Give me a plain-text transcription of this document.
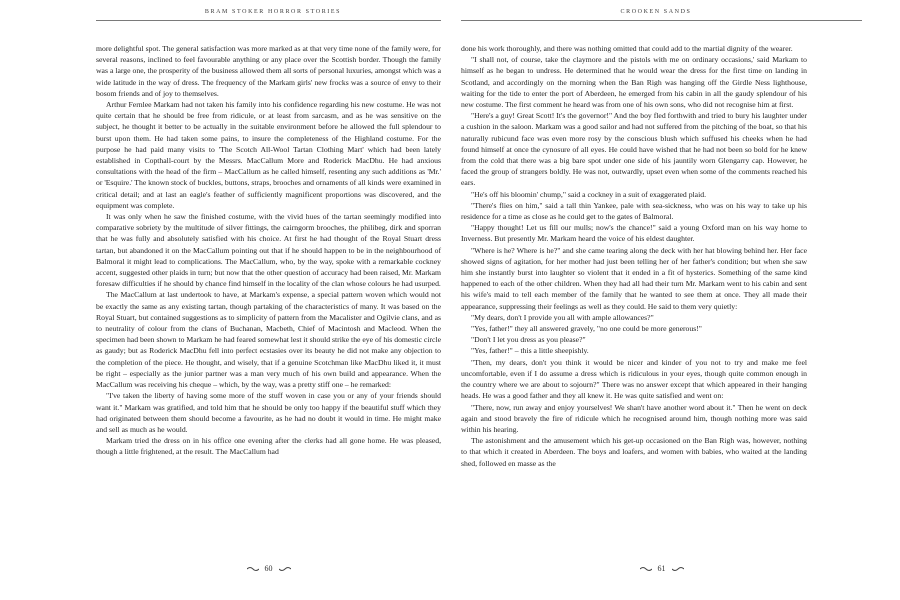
BRAM STOKER HORROR STORIES

more delightful spot. The general satisfaction was more marked as at that very time none of the family were, for several reasons, inclined to feel favourable anything or any place over the Scottish border. Though the family was a large one, the prosperity of the business allowed them all sorts of personal luxuries, amongst which was a wide latitude in the way of dress. The frequency of the Markam girls' new frocks was a source of envy to their bosom friends and of joy to themselves.

Arthur Fernlee Markam had not taken his family into his confidence regarding his new costume. He was not quite certain that he should be free from ridicule, or at least from sarcasm, and as he was sensitive on the subject, he thought it better to be actually in the suitable environment before he allowed the full splendour to burst upon them. He had taken some pains, to insure the completeness of the Highland costume. For the purpose he had paid many visits to 'The Scotch All-Wool Tartan Clothing Mart' which had been lately established in Copthall-court by the Messrs. MacCallum More and Roderick MacDhu. He had anxious consultations with the head of the firm – MacCallum as he called himself, resenting any such additions as 'Mr.' or 'Esquire.' The known stock of buckles, buttons, straps, brooches and ornaments of all kinds were examined in critical detail; and at last an eagle's feather of sufficiently magnificent proportions was discovered, and the equipment was complete.

It was only when he saw the finished costume, with the vivid hues of the tartan seemingly modified into comparative sobriety by the multitude of silver fittings, the cairngorm brooches, the philibeg, dirk and sporran that he was fully and absolutely satisfied with his choice. At first he had thought of the Royal Stuart dress tartan, but abandoned it on the MacCallum pointing out that if he should happen to be in the neighbourhood of Balmoral it might lead to complications. The MacCallum, who, by the way, spoke with a remarkable cockney accent, suggested other plaids in turn; but now that the other question of accuracy had been raised, Mr. Markam foresaw difficulties if he should by chance find himself in the locality of the clan whose colours he had usurped.

The MacCallum at last undertook to have, at Markam's expense, a special pattern woven which would not be exactly the same as any existing tartan, though partaking of the characteristics of many. It was based on the Royal Stuart, but contained suggestions as to simplicity of pattern from the Macalister and Ogilvie clans, and as to neutrality of colour from the clans of Buchanan, Macbeth, Chief of Macintosh and Macleod. When the specimen had been shown to Markam he had feared somewhat lest it should strike the eye of his domestic circle as gaudy; but as Roderick MacDhu fell into perfect ecstasies over its beauty he did not make any objection to the completion of the piece. He thought, and wisely, that if a genuine Scotchman like MacDhu liked it, it must be right – especially as the junior partner was a man very much of his own build and appearance. When the MacCallum was receiving his cheque – which, by the way, was a pretty stiff one – he remarked:

"I've taken the liberty of having some more of the stuff woven in case you or any of your friends should want it." Markam was gratified, and told him that he should be only too happy if the beautiful stuff which they had originated between them should become a favourite, as he had no doubt it would in time. He might make and sell as much as he would.

Markam tried the dress on in his office one evening after the clerks had all gone home. He was pleased, though a little frightened, at the result. The MacCallum had

60
CROOKEN SANDS

done his work thoroughly, and there was nothing omitted that could add to the martial dignity of the wearer.

"I shall not, of course, take the claymore and the pistols with me on ordinary occasions,' said Markam to himself as he began to undress. He determined that he would wear the dress for the first time on landing in Scotland, and accordingly on the morning when the Ban Righ was hanging off the Girdle Ness lighthouse, waiting for the tide to enter the port of Aberdeen, he emerged from his cabin in all the gaudy splendour of his new costume. The first comment he heard was from one of his own sons, who did not recognise him at first.

"Here's a guy! Great Scott! It's the governor!" And the boy fled forthwith and tried to bury his laughter under a cushion in the saloon. Markam was a good sailor and had not suffered from the pitching of the boat, so that his naturally rubicund face was even more rosy by the conscious blush which suffused his cheeks when he had found himself at once the cynosure of all eyes. He could have wished that he had not been so bold for he knew from the cold that there was a big bare spot under one side of his jauntily worn Glengarry cap. However, he faced the group of strangers boldly. He was not, outwardly, upset even when some of the comments reached his ears.

"He's off his bloomin' chump," said a cockney in a suit of exaggerated plaid.

"There's flies on him," said a tall thin Yankee, pale with sea-sickness, who was on his way to take up his residence for a time as close as he could get to the gates of Balmoral.

"Happy thought! Let us fill our mulls; now's the chance!" said a young Oxford man on his way home to Inverness. But presently Mr. Markam heard the voice of his eldest daughter.

"Where is he? Where is he?" and she came tearing along the deck with her hat blowing behind her. Her face showed signs of agitation, for her mother had just been telling her of her father's condition; but when she saw him she instantly burst into laughter so violent that it ended in a fit of hysterics. Something of the same kind happened to each of the other children. When they had all had their turn Mr. Markam went to his cabin and sent his wife's maid to tell each member of the family that he wanted to see them at once. They all made their appearance, suppressing their feelings as well as they could. He said to them very quietly:

"My dears, don't I provide you all with ample allowances?"

"Yes, father!" they all answered gravely, "no one could be more generous!"

"Don't I let you dress as you please?"

"Yes, father!" – this a little sheepishly.

"Then, my dears, don't you think it would be nicer and kinder of you not to try and make me feel uncomfortable, even if I do assume a dress which is ridiculous in your eyes, though quite common enough in the country where we are about to sojourn?" There was no answer except that which appeared in their hanging heads. He was a good father and they all knew it. He was quite satisfied and went on:

"There, now, run away and enjoy yourselves! We shan't have another word about it." Then he went on deck again and stood bravely the fire of ridicule which he recognised around him, though nothing more was said within his hearing.

The astonishment and the amusement which his get-up occasioned on the Ban Righ was, however, nothing to that which it created in Aberdeen. The boys and loafers, and women with babies, who waited at the landing shed, followed en masse as the

61
